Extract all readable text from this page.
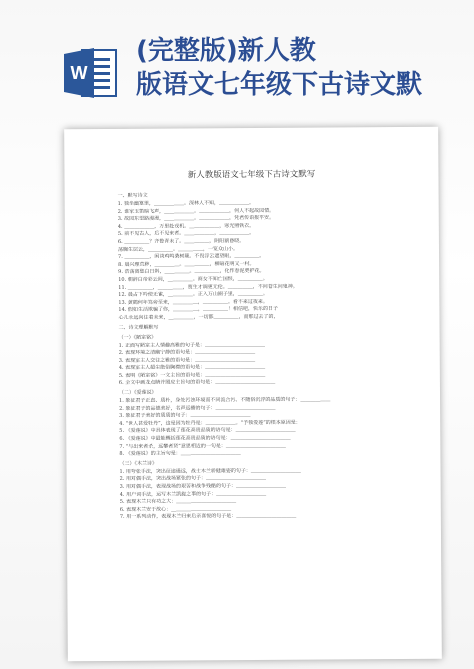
W
(完整版)新人教
版语文七年级下古诗文默
新人教版语文七年级下古诗文默写
一、默写诗文
1. 独坐幽篁里，＿＿＿＿＿＿。深林人不知，＿＿＿＿＿＿。
2. 谁家玉笛暗飞声，＿＿＿＿＿＿。＿＿＿＿＿＿，何人不起故园情。
3. 故园东望路漫漫，＿＿＿＿＿＿。＿＿＿＿＿＿，凭君传语报平安。
4. ＿＿＿＿＿＿，万里赴戎机。＿＿＿＿＿＿，寒光照铁衣。
5. 前不见古人，后不见来者。＿＿＿＿＿＿，＿＿＿＿＿＿。
6. ＿＿＿＿＿？齐鲁青未了。＿＿＿＿＿，阴阳割昏晓。
荡胸生层云，＿＿＿＿＿。＿＿＿＿＿，一览众山小。
7. ＿＿＿＿＿，闲谈鸡鸣桑树颠。不畏浮云遮望眼，＿＿＿＿＿。
8. 晨兴理荒秽，＿＿＿＿＿。＿＿＿＿＿，柳暗花明又一村。
9. 浩荡离愁白日斜，＿＿＿＿＿。＿＿＿＿＿，化作春泥更护花。
10. 朝辞白帝彩云间，＿＿＿＿＿。商女不知亡国恨，＿＿＿＿＿。
11. ＿＿＿＿＿，＿＿＿＿＿，贾生才调更无伦。＿＿＿＿＿，不问苍生问鬼神。
12. 晨占下吟使无雀，＿＿＿＿＿。正入万山圈子里，＿＿＿＿＿。
13. 黄鹤何年笃旁至来，＿＿＿＿＿，＿＿＿＿＿。看不来过夜来。
14. 假如生活欺骗了你，＿＿＿＿＿，＿＿＿＿＿！相信吧，快乐的日子
心儿永远向往着未来，＿＿＿＿＿，一切都＿＿＿＿＿，而那过去了的，
二、诗文理解默写
（一）《陋室铭》
1. 正面写陋室主人情趣高雅的句子是：＿＿＿＿＿＿＿＿＿＿＿＿
2. 表现环境之清幽宁静的语句是：＿＿＿＿＿＿＿＿＿＿＿＿
3. 表现室主人交往之雅的语句是：＿＿＿＿＿＿＿＿＿＿＿＿
4. 表现室主人超尘绝俗胸襟的语句是：＿＿＿＿＿＿＿＿＿＿＿＿
5. 表明《陋室铭》一文主旨的语句是：＿＿＿＿＿＿＿＿＿＿＿＿
6. 全文中画龙点睛并照应主旨句的语句是：＿＿＿＿＿＿＿＿＿＿＿＿
（二）《爱莲说》
1. 象征君子正直、质朴，身处污浊环境而不同流合污、不随俗沉浮的品质的句子：＿＿＿＿＿＿
2. 象征君子的品德美好，名声远播的句子：＿＿＿＿＿＿＿＿＿＿＿＿
3. 象征君子美好的质质的句子：＿＿＿＿＿＿＿＿＿＿＿＿
4. “世人甚爱牡丹”，这是因为牡丹是：＿＿＿＿＿＿。“予独爱莲”的根本原因是：
5. 《爱莲说》中具体表现了莲花高贵品质的语句是：＿＿＿＿＿＿＿＿＿＿＿＿
6. 《爱莲说》中最能概括莲花高贵品质的语句是：＿＿＿＿＿＿＿＿＿＿＿＿
7. “与出来者杀，远攀者贤”意思相近的一句是：＿＿＿＿＿＿＿＿＿＿＿＿
8. 《爱莲说》的主旨句是：＿＿＿＿＿＿＿＿＿＿＿＿
（三）《木兰诗》
1. 用夸张手法，突出征途遥远，战士木兰骄健雄姿的句子：＿＿＿＿＿＿＿＿＿＿
2. 用对偶手法，突出战场紧张的句子：＿＿＿＿＿＿＿＿＿＿＿＿
3. 用对偶手法，表现战场的艰苦和战争残酷的句子：＿＿＿＿＿＿＿＿＿＿
4. 用户词手法，运写木兰凯旋之事的句子：＿＿＿＿＿＿＿＿＿＿
5. 表现木兰只有功之大：＿＿＿＿＿＿＿＿＿＿＿＿
6. 表现木兰安于故心：＿＿＿＿＿＿＿＿＿＿＿＿
7. 用一系列动作，表现木兰归来后亲喜悦的句子是：＿＿＿＿＿＿＿＿＿＿＿＿
